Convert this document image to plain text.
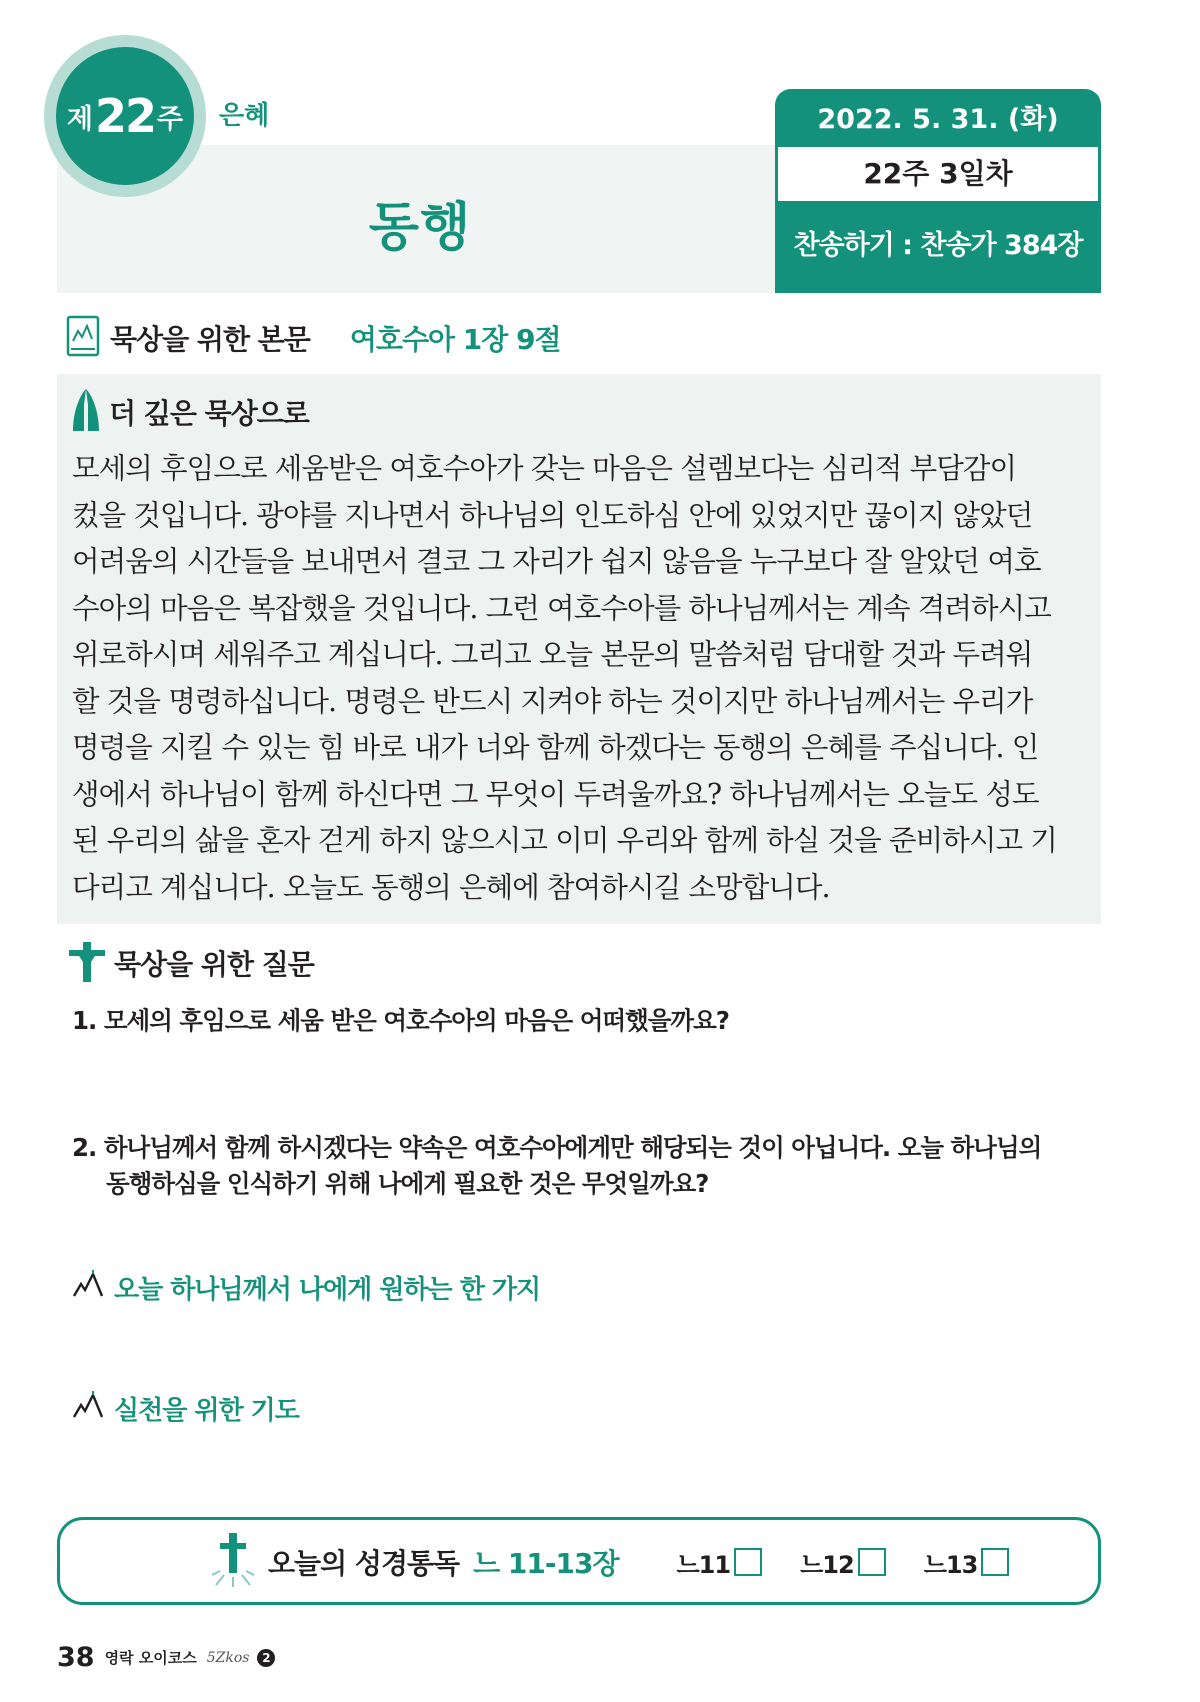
제 22 주 은혜
동행
2022. 5. 31. (화)
22주 3일차
찬송하기 : 찬송가 384장
묵상을 위한 본문 여호수아 1장 9절
더 깊은 묵상으로
모세의 후임으로 세움받은 여호수아가 갖는 마음은 설렘보다는 심리적 부담감이
컸을 것입니다. 광야를 지나면서 하나님의 인도하심 안에 있었지만 끊이지 않았던
어려움의 시간들을 보내면서 결코 그 자리가 쉽지 않음을 누구보다 잘 알았던 여호
수아의 마음은 복잡했을 것입니다. 그런 여호수아를 하나님께서는 계속 격려하시고
위로하시며 세워주고 계십니다. 그리고 오늘 본문의 말씀처럼 담대할 것과 두려워
할 것을 명령하십니다. 명령은 반드시 지켜야 하는 것이지만 하나님께서는 우리가
명령을 지킬 수 있는 힘 바로 내가 너와 함께 하겠다는 동행의 은혜를 주십니다. 인
생에서 하나님이 함께 하신다면 그 무엇이 두려울까요? 하나님께서는 오늘도 성도
된 우리의 삶을 혼자 걷게 하지 않으시고 이미 우리와 함께 하실 것을 준비하시고 기
다리고 계십니다. 오늘도 동행의 은혜에 참여하시길 소망합니다.
묵상을 위한 질문
1. 모세의 후임으로 세움 받은 여호수아의 마음은 어떠했을까요?
2. 하나님께서 함께 하시겠다는 약속은 여호수아에게만 해당되는 것이 아닙니다. 오늘 하나님의
동행하심을 인식하기 위해 나에게 필요한 것은 무엇일까요?
오늘 하나님께서 나에게 원하는 한 가지
실천을 위한 기도
오늘의 성경통독 느 11-13장 느11	느12	느13
38 영락 오이코스 5Zkos	2
